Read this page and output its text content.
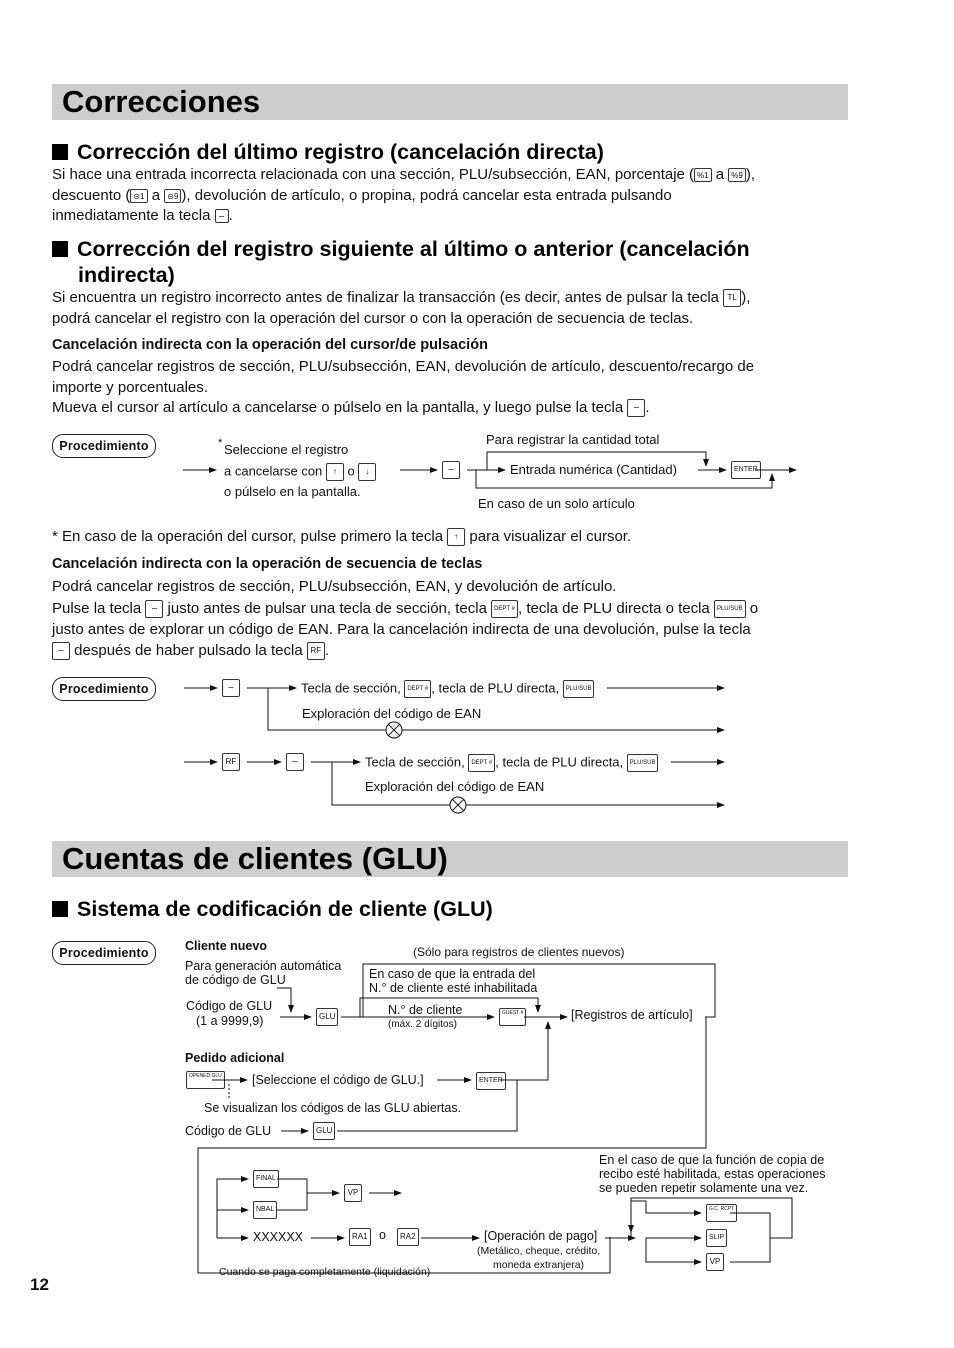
Correcciones
Corrección del último registro (cancelación directa)
Si hace una entrada incorrecta relacionada con una sección, PLU/subsección, EAN, porcentaje ( %1 a %9 ),
descuento ( ⊝1 a ⊝9 ), devolución de artículo, o propina, podrá cancelar esta entrada pulsando
inmediatamente la tecla ∽ .
Corrección del registro siguiente al último o anterior (cancelación
indirecta)
Si encuentra un registro incorrecto antes de finalizar la transacción (es decir, antes de pulsar la tecla TL ),
podrá cancelar el registro con la operación del cursor o con la operación de secuencia de teclas.
Cancelación indirecta con la operación del cursor/de pulsación
Podrá cancelar registros de sección, PLU/subsección, EAN, devolución de artículo, descuento/recargo de
importe y porcentuales.
Mueva el cursor al artículo a cancelarse o púlselo en la pantalla, y luego pulse la tecla ∽ .
Procedimiento	* Seleccione el registro
a cancelarse con ↑ o ↓
o púlselo en la pantalla.
∽
Para registrar la cantidad total
Entrada numérica (Cantidad)	ENTER
En caso de un solo artículo
* En caso de la operación del cursor, pulse primero la tecla ↑ para visualizar el cursor.
Cancelación indirecta con la operación de secuencia de teclas
Podrá cancelar registros de sección, PLU/subsección, EAN, y devolución de artículo.
Pulse la tecla ∽ justo antes de pulsar una tecla de sección, tecla DEPT # , tecla de PLU directa o tecla PLU/SUB o
justo antes de explorar un código de EAN. Para la cancelación indirecta de una devolución, pulse la tecla
∽ después de haber pulsado la tecla RF .
Procedimiento	∽	Tecla de sección, DEPT # , tecla de PLU directa, PLU/SUB
Exploración del código de EAN
RF	∽	Tecla de sección, DEPT # , tecla de PLU directa, PLU/SUB
Exploración del código de EAN
Cuentas de clientes (GLU)
Sistema de codificación de cliente (GLU)
Procedimiento	Cliente nuevo	(Sólo para registros de clientes nuevos)
Para generación automática
de código de GLU	En caso de que la entrada del
N.° de cliente esté inhabilitada
Código de GLU
(1 a 9999,9)	GLU	N.° de cliente
(máx. 2 dígitos)
GUEST #	[Registros de artículo]
Pedido adicional
OPENED GLU [Seleccione el código de GLU.]	ENTER
Se visualizan los códigos de las GLU abiertas.
Código de GLU	GLU
En el caso de que la función de copia de
recibo esté habilitada, estas operaciones
se pueden repetir solamente una vez.
FINAL
NBAL
VP
XXXXXX	RA1 o	RA2	[Operación de pago]
(Metálico, cheque, crédito,
moneda extranjera)
Cuando se paga completamente (liquidación)
G.C. RCPT
SLIP
VP
12
